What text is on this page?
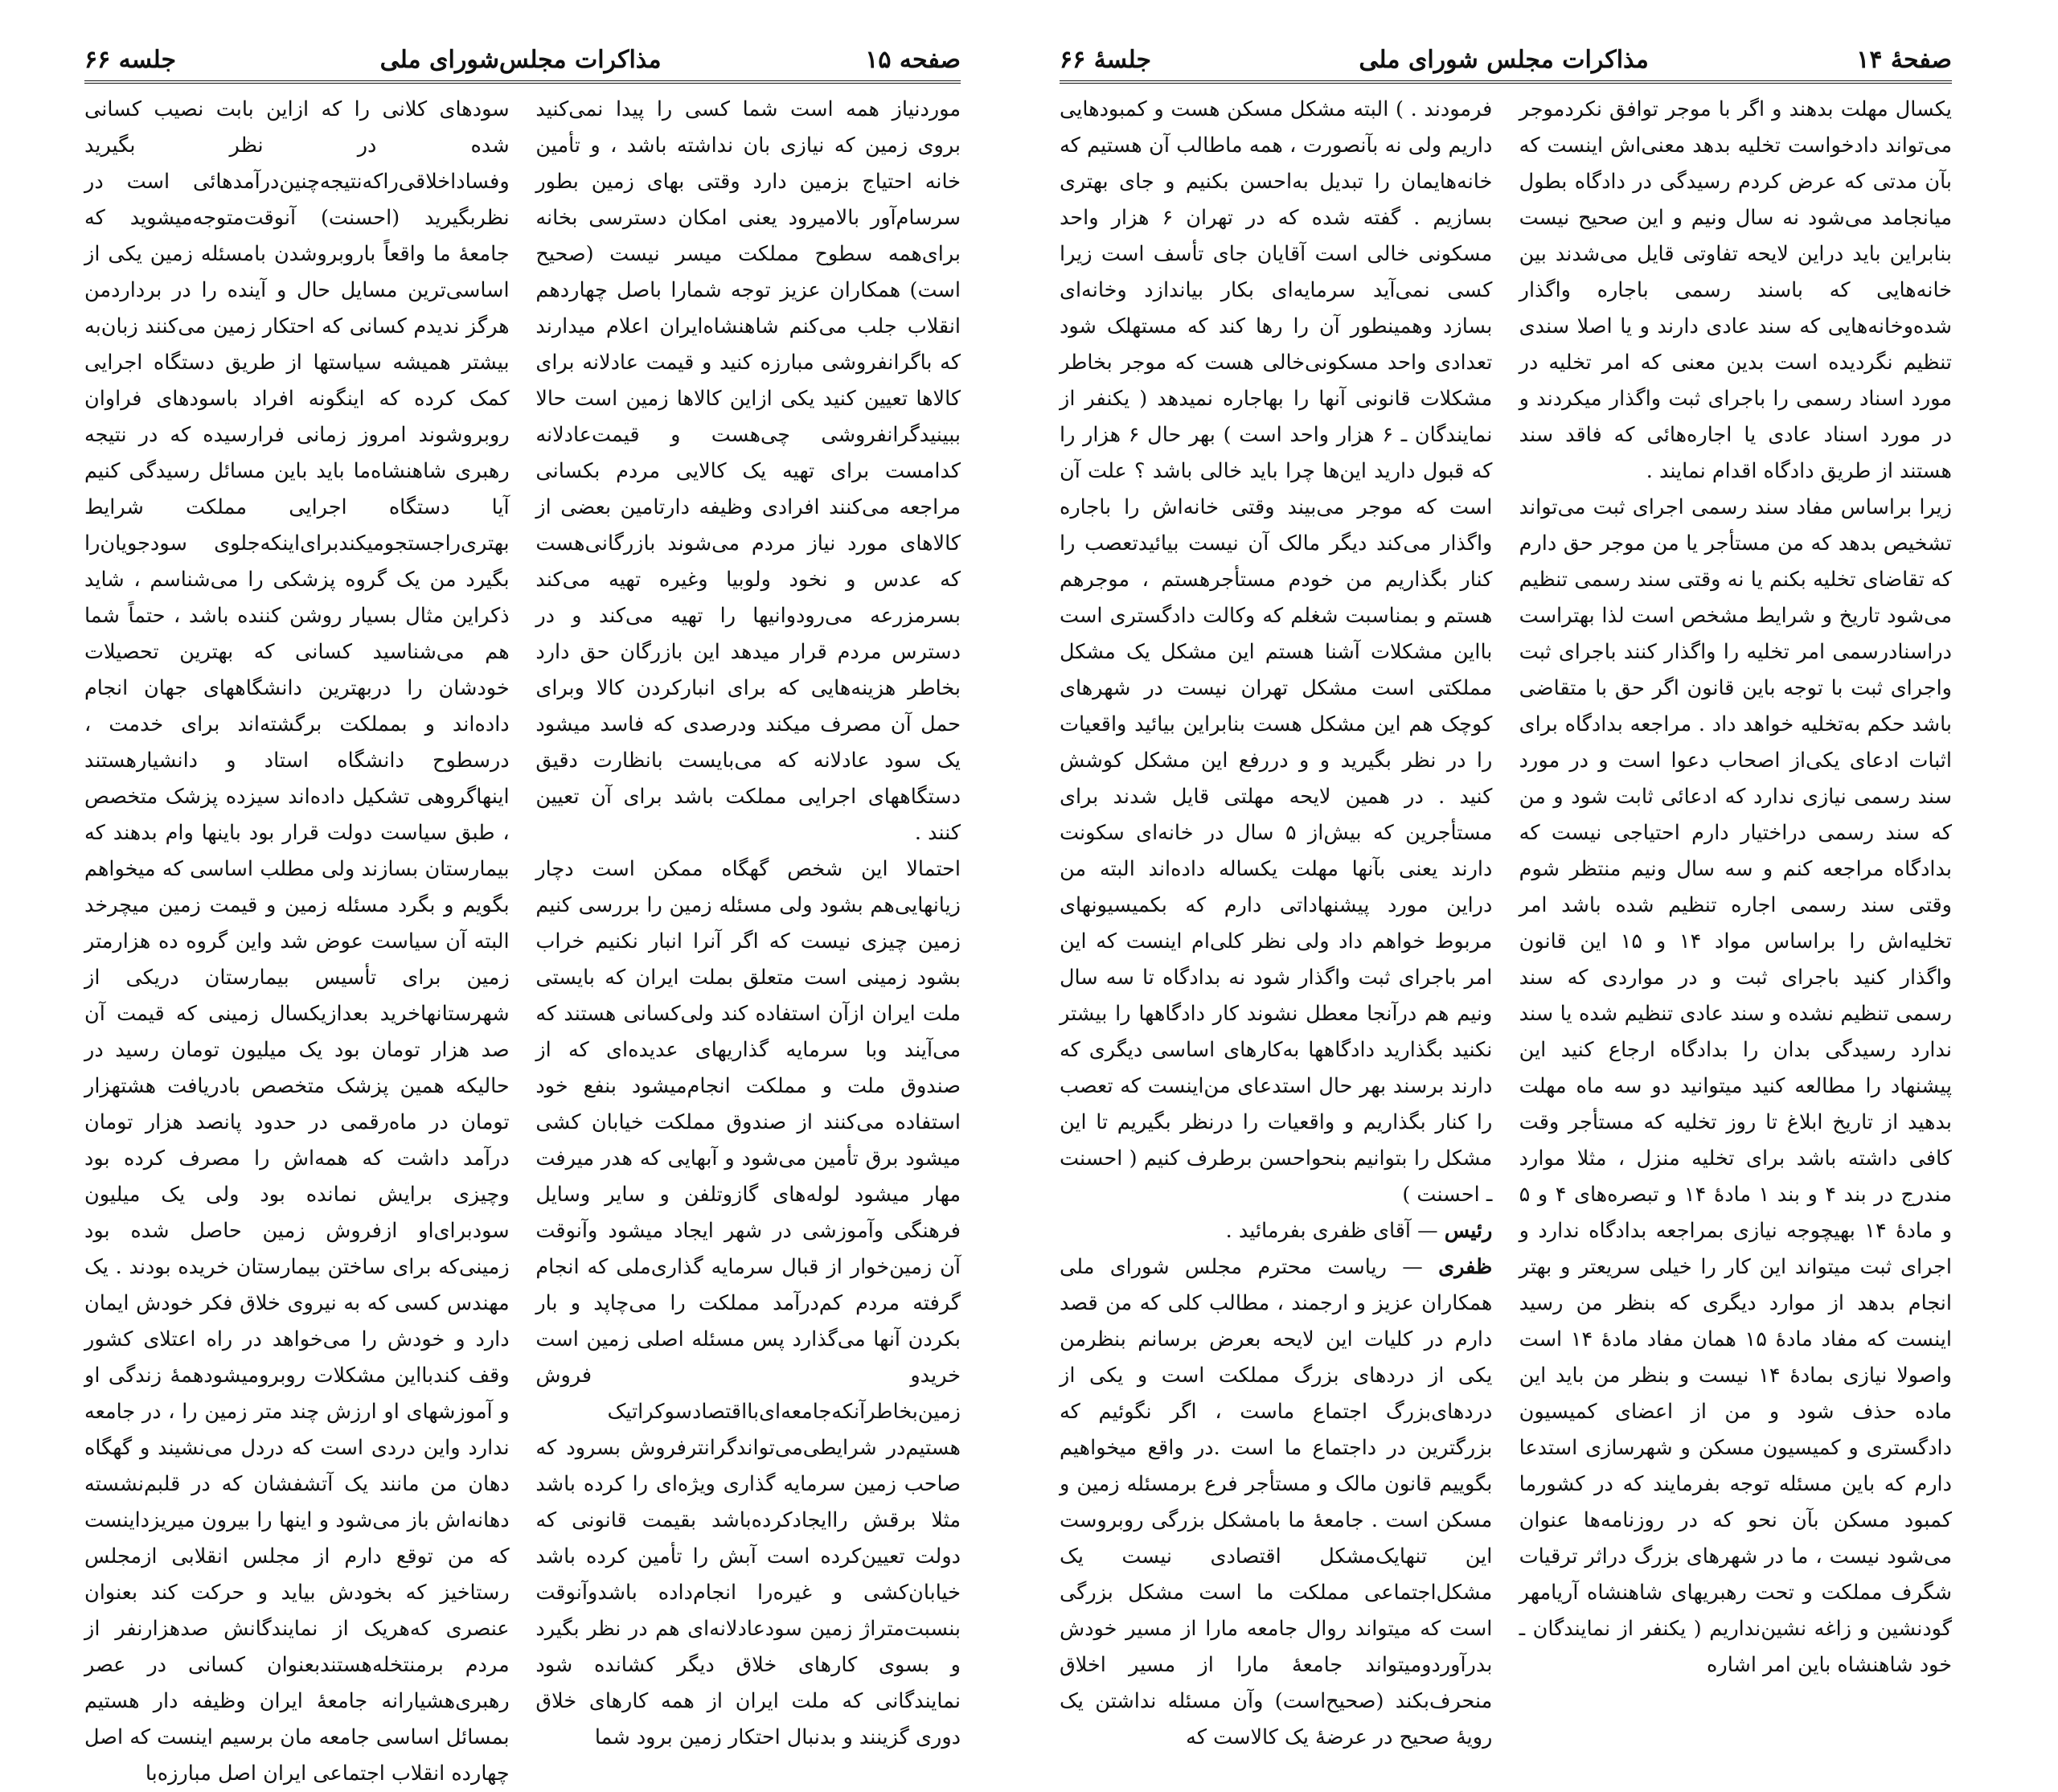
صفحه ۱۵
مذاکرات مجلس‌شورای ملی
جلسه ۶۶

موردنیاز همه است شما کسی را پیدا نمی‌کنید بروی زمین که نیازی بان نداشته باشد ، و تأمین خانه احتیاج بزمین دارد وقتی بهای زمین بطور سرسام‌آور بالامیرود یعنی امکان دسترسی بخانه برای‌همه سطوح مملکت میسر نیست (صحیح است) همکاران عزیز توجه شمارا باصل چهاردهم انقلاب جلب می‌کنم شاهنشاه‌ایران اعلام میدارند که باگرانفروشی مبارزه کنید و قیمت عادلانه برای کالاها تعیین کنید یکی ازاین کالاها زمین است حالا ببینیدگرانفروشی چی‌هست و قیمت‌عادلانه کدامست برای تهیه یک کالایی مردم بکسانی مراجعه می‌کنند افرادی وظیفه دارتامین بعضی از کالاهای مورد نیاز مردم می‌شوند بازرگانی‌هست که عدس و نخود ولوبیا وغیره تهیه می‌کند بسرمزرعه می‌رودوانیها را تهیه می‌کند و در دسترس مردم قرار میدهد این بازرگان حق دارد بخاطر هزینه‌هایی که برای انبارکردن کالا وبرای حمل آن مصرف میکند ودرصدی که فاسد میشود یک سود عادلانه که می‌بایست بانظارت دقیق دستگاههای اجرایی مملکت باشد برای آن تعیین کنند .

احتمالا این شخص گهگاه ممکن است دچار زیانهایی‌هم بشود ولی مسئله زمین را بررسی کنیم زمین چیزی نیست که اگر آنرا انبار نکنیم خراب بشود زمینی است متعلق بملت ایران که بایستی ملت ایران ازآن استفاده کند ولی‌کسانی هستند که می‌آیند وبا سرمایه گذاریهای عدیده‌ای که از صندوق ملت و مملکت انجام‌میشود بنفع خود استفاده می‌کنند از صندوق مملکت خیابان کشی میشود برق تأمین می‌شود و آبهایی که هدر میرفت مهار میشود لوله‌های گازوتلفن و سایر وسایل فرهنگی وآموزشی در شهر ایجاد میشود وآنوقت آن زمین‌خوار از قبال سرمایه گذاری‌ملی که انجام گرفته مردم کم‌درآمد مملکت را می‌چاپد و بار بکردن آنها می‌گذارد پس مسئله اصلی زمین است خریدو فروش زمین‌بخاطرآنکه‌جامعه‌ای‌بااقتصادسوکراتیک هستیم‌در شرایطی‌می‌تواندگرانترفروش بسرود که صاحب زمین سرمایه گذاری ویژه‌ای را کرده باشد مثلا برقش راایجادکرده‌باشد بقیمت قانونی که دولت تعیین‌کرده است آبش را تأمین کرده باشد خیابان‌کشی و غیره‌را انجام‌داده باشدوآنوقت بنسبت‌متراژ زمین سودعادلانه‌ای هم در نظر بگیرد و بسوی کارهای خلاق دیگر کشانده شود نمایندگانی که ملت ایران از همه کارهای خلاق دوری گزینند و بدنبال احتکار زمین برود شما

سودهای کلانی را که ازاین بابت نصیب کسانی شده در نظر بگیرید وفساداخلاقی‌راکه‌نتیجه‌چنین‌درآمدهائی است در نظربگیرید (احسنت) آنوقت‌متوجه‌میشوید که جامعهٔ ما واقعاً باروبروشدن بامسئله زمین یکی از اساسی‌ترین مسایل حال و آینده را در برداردمن هرگز ندیدم کسانی که احتکار زمین می‌کنند زبان‌به بیشتر همیشه سیاستها از طریق دستگاه اجرایی کمک کرده که اینگونه افراد باسودهای فراوان روبروشوند امروز زمانی فرارسیده که در نتیجه رهبری شاهنشاه‌ما باید باین مسائل رسیدگی کنیم آیا دستگاه اجرایی مملکت شرایط بهتری‌راجستجومیکند‌برای‌اینکه‌جلوی سودجویان‌را بگیرد من یک گروه پزشکی را می‌شناسم ، شاید ذکراین مثال بسیار روشن کننده باشد ، حتماً شما هم می‌شناسید کسانی که بهترین تحصیلات خودشان را دربهترین دانشگاههای جهان انجام داده‌اند و بمملکت برگشته‌اند برای خدمت ، درسطوح دانشگاه استاد و دانشیارهستند اینهاگروهی تشکیل داده‌اند سیزده پزشک متخصص ، طبق سیاست دولت قرار بود باینها وام بدهند که بیمارستان بسازند ولی مطلب اساسی که میخواهم بگویم و بگرد مسئله زمین و قیمت زمین میچرخد البته آن سیاست عوض شد واین گروه ده هزارمتر زمین برای تأسیس بیمارستان دریکی از شهرستانهاخرید بعدازیکسال زمینی که قیمت آن صد هزار تومان بود یک میلیون تومان رسید در حالیکه همین پزشک متخصص بادریافت هشتهزار تومان در ماه‌رقمی در حدود پانصد هزار تومان درآمد داشت که همه‌اش را مصرف کرده بود وچیزی برایش نمانده بود ولی یک میلیون سودبرای‌او ازفروش زمین حاصل شده بود زمینی‌که برای ساختن بیمارستان خریده بودند . یک مهندس کسی که به نیروی خلاق فکر خودش ایمان دارد و خودش را می‌خواهد در راه اعتلای کشور وقف کندبااین مشکلات روبرومیشود‌همهٔ زندگی او و آموزشهای او ارزش چند متر زمین را ، در جامعه ندارد واین دردی است که دردل می‌نشیند و گهگاه دهان من مانند یک آتشفشان که در قلبم‌نشسته دهانه‌اش باز می‌شود و اینها را بیرون میریزداینست که من توقع دارم از مجلس انقلابی ازمجلس رستاخیز که بخودش بیاید و حرکت کند بعنوان عنصری که‌هریک از نمایندگانش صدهزارنفر از مردم برمنتخله‌هستندبعنوان کسانی در عصر رهبری‌هشیارانه جامعهٔ ایران وظیفه دار هستیم بمسائل اساسی جامعه مان برسیم اینست که اصل چهارده انقلاب اجتماعی ایران اصل مبارزه‌با

صفحهٔ ۱۴
مذاکرات مجلس شورای ملی
جلسهٔ ۶۶

یکسال مهلت بدهند و اگر با موجر توافق نکردموجر می‌تواند دادخواست تخلیه بدهد معنی‌اش اینست که بآن مدتی که عرض کردم رسیدگی در دادگاه بطول میانجامد می‌شود نه سال ونیم و این صحیح نیست بنابراین باید دراین لایحه تفاوتی قایل می‌شدند بین خانه‌هایی که باسند رسمی باجاره واگذار شده‌وخانه‌هایی که سند عادی دارند و یا اصلا سندی تنظیم نگردیده است بدین معنی که امر تخلیه در مورد اسناد رسمی را باجرای ثبت واگذار میکردند و در مورد اسناد عادی یا اجاره‌هائی که فاقد سند هستند از طریق دادگاه اقدام نمایند .

زیرا براساس مفاد سند رسمی اجرای ثبت می‌تواند تشخیص بدهد که من مستأجر یا من موجر حق دارم که تقاضای تخلیه بکنم یا نه وقتی سند رسمی تنظیم می‌شود تاریخ و شرایط مشخص است لذا بهتراست دراسنادرسمی امر تخلیه را واگذار کنند باجرای ثبت واجرای ثبت با توجه باین قانون اگر حق با متقاضی باشد حکم به‌تخلیه خواهد داد . مراجعه بدادگاه برای اثبات ادعای یکی‌از اصحاب دعوا است و در مورد سند رسمی نیازی ندارد که ادعائی ثابت شود و من که سند رسمی دراختیار دارم احتیاجی نیست که بدادگاه مراجعه کنم و سه سال ونیم منتظر شوم وقتی سند رسمی اجاره تنظیم شده باشد امر تخلیه‌اش را براساس مواد ۱۴ و ۱۵ این قانون واگذار کنید باجرای ثبت و در مواردی که سند رسمی تنظیم نشده و سند عادی تنظیم شده یا سند ندارد رسیدگی بدان را بدادگاه ارجاع کنید این پیشنهاد را مطالعه کنید میتوانید دو سه ماه مهلت بدهید از تاریخ ابلاغ تا روز تخلیه که مستأجر وقت کافی داشته باشد برای تخلیه منزل ، مثلا موارد مندرج در بند ۴ و بند ۱ مادهٔ ۱۴ و تبصره‌های ۴ و ۵ و مادهٔ ۱۴ بهیچوجه نیازی بمراجعه بدادگاه ندارد و اجرای ثبت میتواند این کار را خیلی سریعتر و بهتر انجام بدهد از موارد دیگری که بنظر من رسید اینست که مفاد مادهٔ ۱۵ همان مفاد مادهٔ ۱۴ است واصولا نیازی بمادهٔ ۱۴ نیست و بنظر من باید این ماده حذف شود و من از اعضای کمیسیون دادگستری و کمیسیون مسکن و شهرسازی استدعا دارم که باین مسئله توجه بفرمایند که در کشورما کمبود مسکن بآن نحو که در روزنامه‌ها عنوان می‌شود نیست ، ما در شهرهای بزرگ دراثر ترقیات شگرف مملکت و تحت رهبریهای شاهنشاه آریامهر گودنشین و زاغه نشین‌نداریم ( یکنفر از نمایندگان ـ خود شاهنشاه باین امر اشاره

فرمودند . ) البته مشکل مسکن هست و کمبودهایی داریم ولی نه بآنصورت ، همه ماطالب آن هستیم که خانه‌هایمان را تبدیل به‌احسن بکنیم و جای بهتری بسازیم . گفته شده که در تهران ۶ هزار واحد مسکونی خالی است آقایان جای تأسف است زیرا کسی نمی‌آید سرمایه‌ای بکار بیاندازد وخانه‌ای بسازد وهمینطور آن را رها کند که مستهلک شود تعدادی واحد مسکونی‌خالی هست که موجر بخاطر مشکلات قانونی آنها را بهاجاره نمیدهد ( یکنفر از نمایندگان ـ ۶ هزار واحد است ) بهر حال ۶ هزار را که قبول دارید این‌ها چرا باید خالی باشد ؟ علت آن است که موجر می‌بیند وقتی خانه‌اش را باجاره واگذار می‌کند دیگر مالک آن نیست بیائیدتعصب را کنار بگذاریم من خودم مستأجرهستم ، موجرهم هستم و بمناسبت شغلم که وکالت دادگستری است بااین مشکلات آشنا هستم این مشکل یک مشکل مملکتی است مشکل تهران نیست در شهرهای کوچک هم این مشکل هست بنابراین بیائید واقعیات را در نظر بگیرید و و دررفع این مشکل کوشش کنید . در همین لایحه مهلتی قایل شدند برای مستأجرین که بیش‌از ۵ سال در خانه‌ای سکونت دارند یعنی بآنها مهلت یکساله داده‌اند البته من دراین مورد پیشنهاداتی دارم که بکمیسیونهای مربوط خواهم داد ولی نظر کلی‌ام اینست که این امر باجرای ثبت واگذار شود نه بدادگاه تا سه سال ونیم هم درآنجا معطل نشوند کار دادگاهها را بیشتر نکنید بگذارید دادگاهها به‌کارهای اساسی دیگری که دارند برسند بهر حال استدعای من‌اینست که تعصب را کنار بگذاریم و واقعیات را درنظر بگیریم تا این مشکل را بتوانیم بنحواحسن برطرف کنیم ( احسنت ـ احسنت )

رئیس — آقای ظفری بفرمائید .

ظفری — ریاست محترم مجلس شورای ملی همکاران عزیز و ارجمند ، مطالب کلی که من قصد دارم در کلیات این لایحه بعرض برسانم بنظرمن یکی از دردهای بزرگ مملکت است و یکی از دردهای‌بزرگ اجتماع ماست ، اگر نگوئیم که بزرگترین در داجتماع ما است .در واقع میخواهیم بگوییم قانون مالک و مستأجر فرع برمسئله زمین و مسکن است . جامعهٔ ما بامشکل بزرگی روبروست این تنهایک‌مشکل اقتصادی نیست یک مشکل‌اجتماعی مملکت ما است مشکل بزرگی است که میتواند روال جامعه مارا از مسیر خودش بدرآوردومیتواند جامعهٔ مارا از مسیر اخلاق منحرف‌بکند (صحیح‌است) وآن مسئله نداشتن یک رویهٔ صحیح در عرضهٔ یک کالاست که
